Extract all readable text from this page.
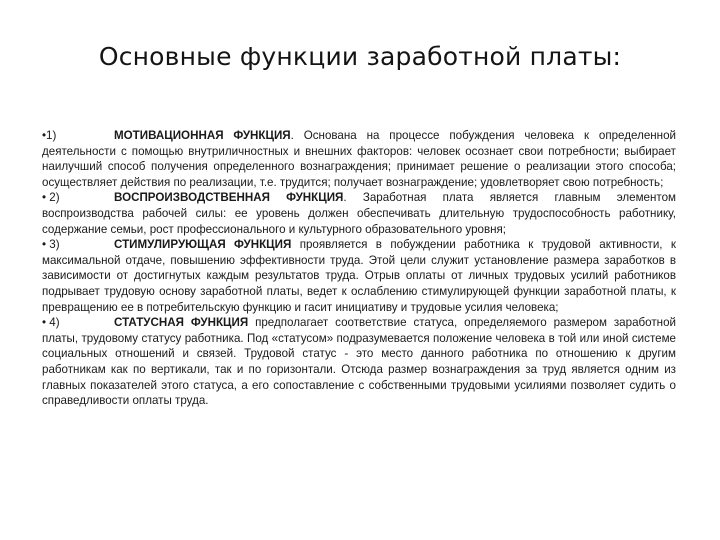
Основные функции заработной платы:

•1)	МОТИВАЦИОННАЯ ФУНКЦИЯ. Основана на процессе побуждения человека к определенной деятельности с помощью внутриличностных и внешних факторов: человек осознает свои потребности; выбирает наилучший способ получения определенного вознаграждения; принимает решение о реализации этого способа; осуществляет действия по реализации, т.е. трудится; получает вознаграждение; удовлетворяет свою потребность;

• 2)	ВОСПРОИЗВОДСТВЕННАЯ ФУНКЦИЯ. Заработная плата является главным элементом воспроизводства рабочей силы: ее уровень должен обеспечивать длительную трудоспособность работнику, содержание семьи, рост профессионального и культурного образовательного уровня;

• 3)	СТИМУЛИРУЮЩАЯ ФУНКЦИЯ проявляется в побуждении работника к трудовой активности, к максимальной отдаче, повышению эффективности труда. Этой цели служит установление размера заработков в зависимости от достигнутых каждым результатов труда. Отрыв оплаты от личных трудовых усилий работников подрывает трудовую основу заработной платы, ведет к ослаблению стимулирующей функции заработной платы, к превращению ее в потребительскую функцию и гасит инициативу и трудовые усилия человека;

• 4)	СТАТУСНАЯ ФУНКЦИЯ предполагает соответствие статуса, определяемого размером заработной платы, трудовому статусу работника. Под «статусом» подразумевается положение человека в той или иной системе социальных отношений и связей. Трудовой статус - это место данного работника по отношению к другим работникам как по вертикали, так и по горизонтали. Отсюда размер вознаграждения за труд является одним из главных показателей этого статуса, а его сопоставление с собственными трудовыми усилиями позволяет судить о справедливости оплаты труда.
